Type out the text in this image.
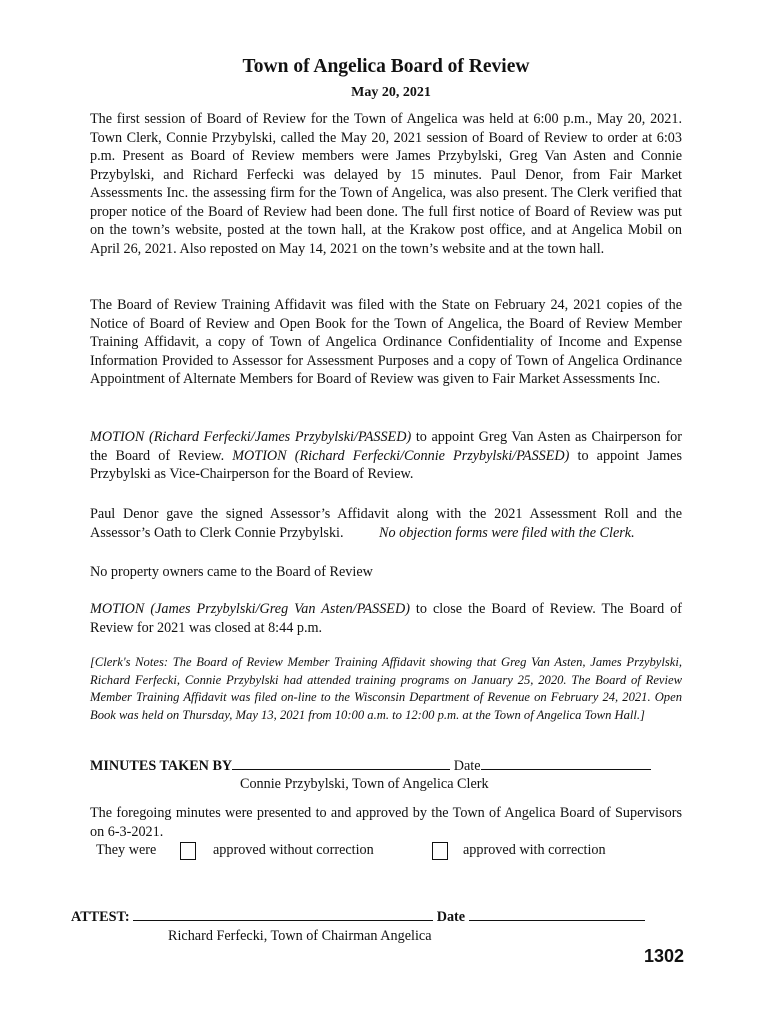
Town of Angelica Board of Review
May 20, 2021

The first session of Board of Review for the Town of Angelica was held at 6:00 p.m., May 20, 2021. Town Clerk, Connie Przybylski, called the May 20, 2021 session of Board of Review to order at 6:03 p.m. Present as Board of Review members were James Przybylski, Greg Van Asten and Connie Przybylski, and Richard Ferfecki was delayed by 15 minutes. Paul Denor, from Fair Market Assessments Inc. the assessing firm for the Town of Angelica, was also present. The Clerk verified that proper notice of the Board of Review had been done. The full first notice of Board of Review was put on the town’s website, posted at the town hall, at the Krakow post office, and at Angelica Mobil on April 26, 2021. Also reposted on May 14, 2021 on the town’s website and at the town hall.

The Board of Review Training Affidavit was filed with the State on February 24, 2021 copies of the Notice of Board of Review and Open Book for the Town of Angelica, the Board of Review Member Training Affidavit, a copy of Town of Angelica Ordinance Confidentiality of Income and Expense Information Provided to Assessor for Assessment Purposes and a copy of Town of Angelica Ordinance Appointment of Alternate Members for Board of Review was given to Fair Market Assessments Inc.

MOTION (Richard Ferfecki/James Przybylski/PASSED) to appoint Greg Van Asten as Chairperson for the Board of Review. MOTION (Richard Ferfecki/Connie Przybylski/PASSED) to appoint James Przybylski as Vice-Chairperson for the Board of Review.

Paul Denor gave the signed Assessor’s Affidavit along with the 2021 Assessment Roll and the Assessor’s Oath to Clerk Connie Przybylski. No objection forms were filed with the Clerk.

No property owners came to the Board of Review

MOTION (James Przybylski/Greg Van Asten/PASSED) to close the Board of Review. The Board of Review for 2021 was closed at 8:44 p.m.

[Clerk's Notes: The Board of Review Member Training Affidavit showing that Greg Van Asten, James Przybylski, Richard Ferfecki, Connie Przybylski had attended training programs on January 25, 2020. The Board of Review Member Training Affidavit was filed on-line to the Wisconsin Department of Revenue on February 24, 2021. Open Book was held on Thursday, May 13, 2021 from 10:00 a.m. to 12:00 p.m. at the Town of Angelica Town Hall.]

MINUTES TAKEN BY	Date
Connie Przybylski, Town of Angelica Clerk

The foregoing minutes were presented to and approved by the Town of Angelica Board of Supervisors on 6-3-2021.

They were	approved without correction	approved with correction
ATTEST:	Date
Richard Ferfecki, Town of Chairman Angelica
1302
